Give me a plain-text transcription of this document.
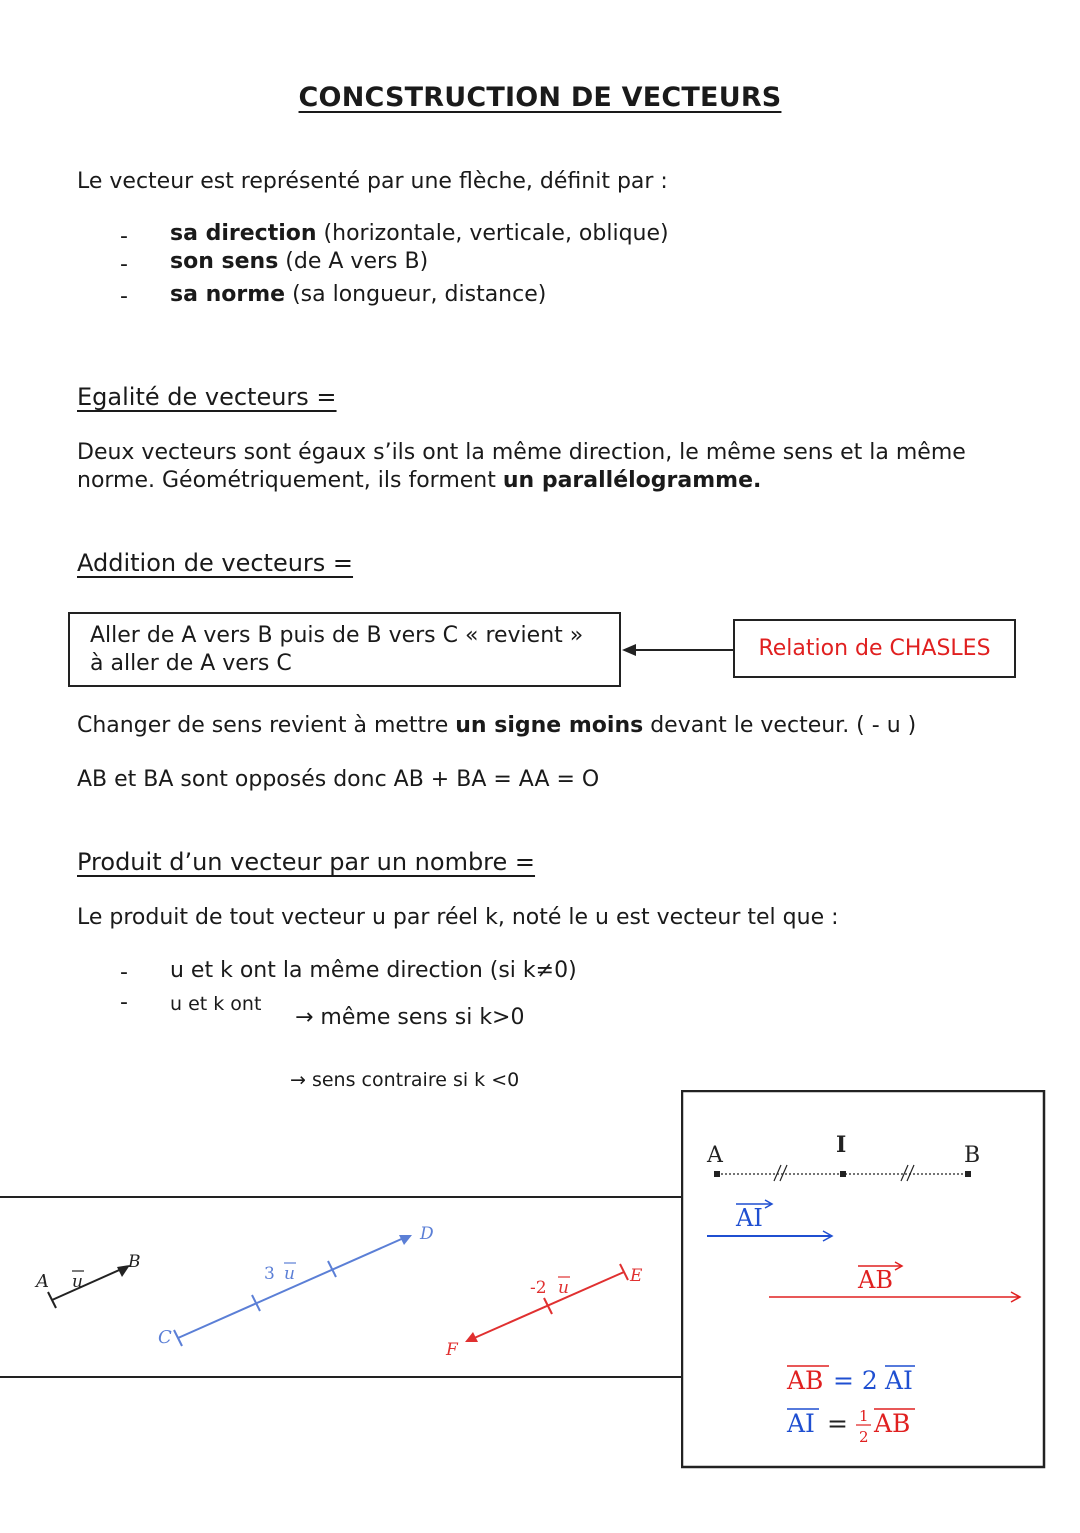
CONCSTRUCTION DE VECTEURS
Le vecteur est représenté par une flèche, définit par :
- sa direction (horizontale, verticale, oblique)
- son sens (de A vers B)
- sa norme (sa longueur, distance)
Egalité de vecteurs =
Deux vecteurs sont égaux s’ils ont la même direction, le même sens et la même
norme. Géométriquement, ils forment un parallélogramme.
Addition de vecteurs =
Aller de A vers B puis de B vers C « revient »
à aller de A vers C
Relation de CHASLES
Changer de sens revient à mettre un signe moins devant le vecteur. ( - u )
AB et BA sont opposés donc AB + BA = AA = O
Produit d’un vecteur par un nombre =
Le produit de tout vecteur u par réel k, noté le u est vecteur tel que :
- u et k ont la même direction (si k≠0)
- u et k ont
→ même sens si k>0
→ sens contraire si k <0
A
B
u
C
D
3 u	E
F
-2 u
A	I	B
AI
AB
AB = 2 AI
AI = 1
2 AB
